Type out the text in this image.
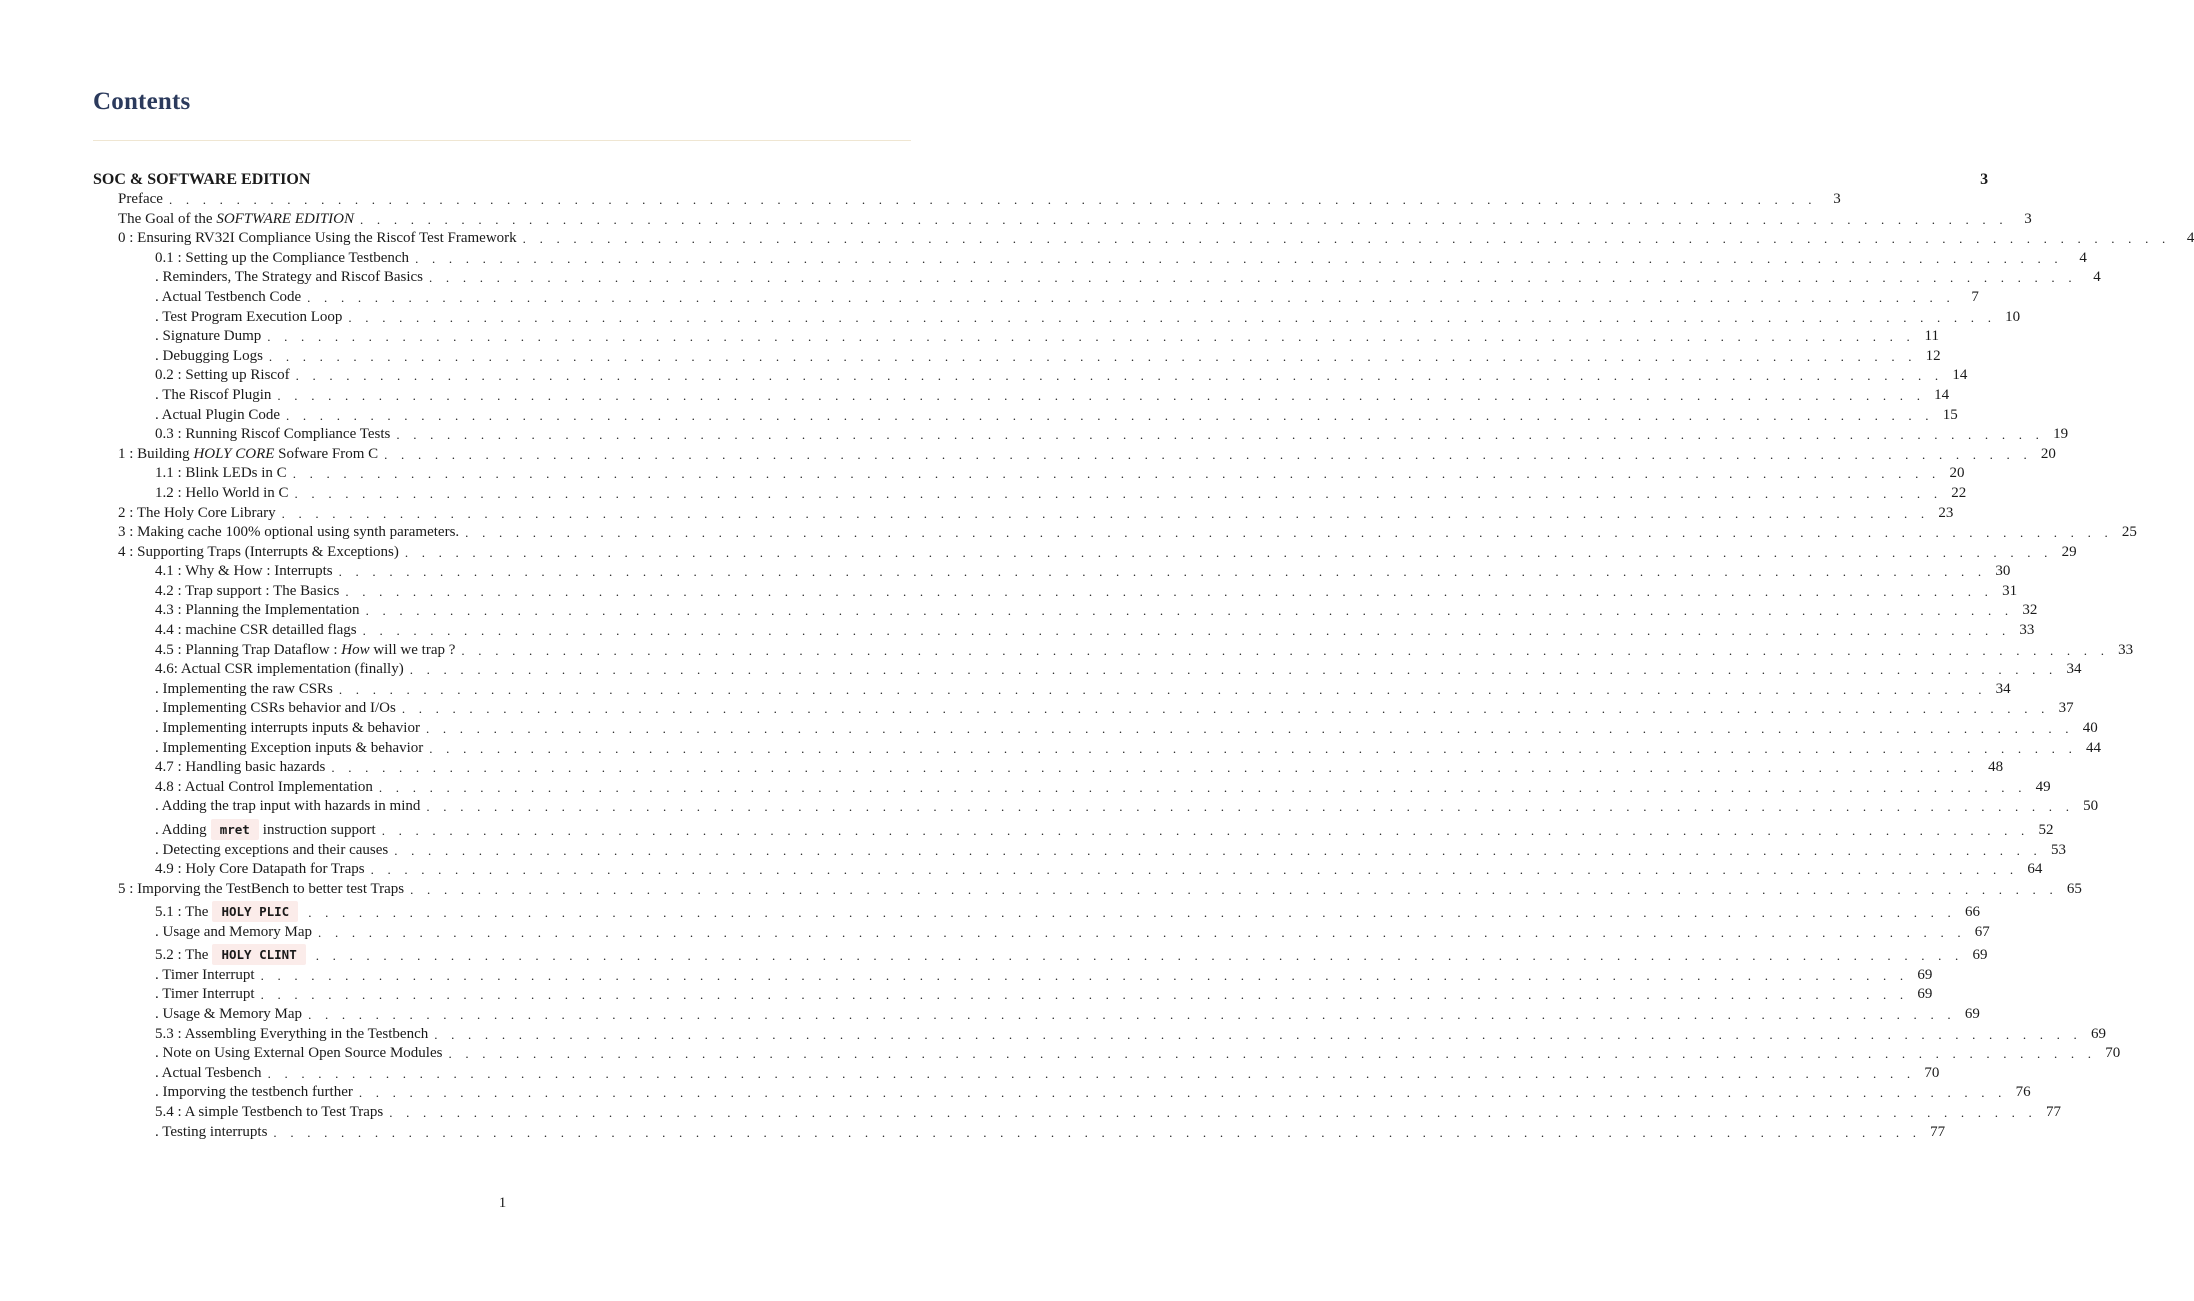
Contents
SOC & SOFTWARE EDITION	3
Preface . . . . . . . . . . . . . . . . . . . . . . . . . . . . . . . . . . . . . . . . . . . . . . . . . . . . . . . . . . . . . . . . . . . . . . . . . . . . . . . . . . . . . . . . . . . . . . . . . .	3
The Goal of the SOFTWARE EDITION . . . . . . . . . . . . . . . . . . . . . . . . . . . . . . . . . . . . . . . . . . . . . . . . . . . . . . . . . . . . . . . . . . . . . . . . . . . . . . . . . . . . . . . . . . . . . . . . . .	3
0 : Ensuring RV32I Compliance Using the Riscof Test Framework . . . . . . . . . . . . . . . . . . . . . . . . . . . . . . . . . . . . . . . . . . . . . . . . . . . . . . . . . . . . . . . . . . . . . . . . . . . . . . . . . . . . . . . . . . . . . . . . . .	4
0.1 : Setting up the Compliance Testbench . . . . . . . . . . . . . . . . . . . . . . . . . . . . . . . . . . . . . . . . . . . . . . . . . . . . . . . . . . . . . . . . . . . . . . . . . . . . . . . . . . . . . . . . . . . . . . . . . .	4
. Reminders, The Strategy and Riscof Basics . . . . . . . . . . . . . . . . . . . . . . . . . . . . . . . . . . . . . . . . . . . . . . . . . . . . . . . . . . . . . . . . . . . . . . . . . . . . . . . . . . . . . . . . . . . . . . . . . .	4
. Actual Testbench Code . . . . . . . . . . . . . . . . . . . . . . . . . . . . . . . . . . . . . . . . . . . . . . . . . . . . . . . . . . . . . . . . . . . . . . . . . . . . . . . . . . . . . . . . . . . . . . . . . .	7
. Test Program Execution Loop . . . . . . . . . . . . . . . . . . . . . . . . . . . . . . . . . . . . . . . . . . . . . . . . . . . . . . . . . . . . . . . . . . . . . . . . . . . . . . . . . . . . . . . . . . . . . . . . . . 10
. Signature Dump . . . . . . . . . . . . . . . . . . . . . . . . . . . . . . . . . . . . . . . . . . . . . . . . . . . . . . . . . . . . . . . . . . . . . . . . . . . . . . . . . . . . . . . . . . . . . . . . . . 11
. Debugging Logs . . . . . . . . . . . . . . . . . . . . . . . . . . . . . . . . . . . . . . . . . . . . . . . . . . . . . . . . . . . . . . . . . . . . . . . . . . . . . . . . . . . . . . . . . . . . . . . . . . 12
0.2 : Setting up Riscof . . . . . . . . . . . . . . . . . . . . . . . . . . . . . . . . . . . . . . . . . . . . . . . . . . . . . . . . . . . . . . . . . . . . . . . . . . . . . . . . . . . . . . . . . . . . . . . . . . 14
. The Riscof Plugin . . . . . . . . . . . . . . . . . . . . . . . . . . . . . . . . . . . . . . . . . . . . . . . . . . . . . . . . . . . . . . . . . . . . . . . . . . . . . . . . . . . . . . . . . . . . . . . . . . 14
. Actual Plugin Code . . . . . . . . . . . . . . . . . . . . . . . . . . . . . . . . . . . . . . . . . . . . . . . . . . . . . . . . . . . . . . . . . . . . . . . . . . . . . . . . . . . . . . . . . . . . . . . . . . 15
0.3 : Running Riscof Compliance Tests . . . . . . . . . . . . . . . . . . . . . . . . . . . . . . . . . . . . . . . . . . . . . . . . . . . . . . . . . . . . . . . . . . . . . . . . . . . . . . . . . . . . . . . . . . . . . . . . . . 19
1 : Building HOLY CORE Sofware From C . . . . . . . . . . . . . . . . . . . . . . . . . . . . . . . . . . . . . . . . . . . . . . . . . . . . . . . . . . . . . . . . . . . . . . . . . . . . . . . . . . . . . . . . . . . . . . . . . . 20
1.1 : Blink LEDs in C . . . . . . . . . . . . . . . . . . . . . . . . . . . . . . . . . . . . . . . . . . . . . . . . . . . . . . . . . . . . . . . . . . . . . . . . . . . . . . . . . . . . . . . . . . . . . . . . . . 20
1.2 : Hello World in C . . . . . . . . . . . . . . . . . . . . . . . . . . . . . . . . . . . . . . . . . . . . . . . . . . . . . . . . . . . . . . . . . . . . . . . . . . . . . . . . . . . . . . . . . . . . . . . . . . 22
2 : The Holy Core Library . . . . . . . . . . . . . . . . . . . . . . . . . . . . . . . . . . . . . . . . . . . . . . . . . . . . . . . . . . . . . . . . . . . . . . . . . . . . . . . . . . . . . . . . . . . . . . . . . . 23
3 : Making cache 100% optional using synth parameters. . . . . . . . . . . . . . . . . . . . . . . . . . . . . . . . . . . . . . . . . . . . . . . . . . . . . . . . . . . . . . . . . . . . . . . . . . . . . . . . . . . . . . . . . . . . . . . . . . . 25
4 : Supporting Traps (Interrupts & Exceptions) . . . . . . . . . . . . . . . . . . . . . . . . . . . . . . . . . . . . . . . . . . . . . . . . . . . . . . . . . . . . . . . . . . . . . . . . . . . . . . . . . . . . . . . . . . . . . . . . . . 29
4.1 : Why & How : Interrupts . . . . . . . . . . . . . . . . . . . . . . . . . . . . . . . . . . . . . . . . . . . . . . . . . . . . . . . . . . . . . . . . . . . . . . . . . . . . . . . . . . . . . . . . . . . . . . . . . . 30
4.2 : Trap support : The Basics . . . . . . . . . . . . . . . . . . . . . . . . . . . . . . . . . . . . . . . . . . . . . . . . . . . . . . . . . . . . . . . . . . . . . . . . . . . . . . . . . . . . . . . . . . . . . . . . . . 31
4.3 : Planning the Implementation . . . . . . . . . . . . . . . . . . . . . . . . . . . . . . . . . . . . . . . . . . . . . . . . . . . . . . . . . . . . . . . . . . . . . . . . . . . . . . . . . . . . . . . . . . . . . . . . . . 32
4.4 : machine CSR detailled flags . . . . . . . . . . . . . . . . . . . . . . . . . . . . . . . . . . . . . . . . . . . . . . . . . . . . . . . . . . . . . . . . . . . . . . . . . . . . . . . . . . . . . . . . . . . . . . . . . . 33
4.5 : Planning Trap Dataflow : How will we trap ? . . . . . . . . . . . . . . . . . . . . . . . . . . . . . . . . . . . . . . . . . . . . . . . . . . . . . . . . . . . . . . . . . . . . . . . . . . . . . . . . . . . . . . . . . . . . . . . . . . 33
4.6: Actual CSR implementation (finally) . . . . . . . . . . . . . . . . . . . . . . . . . . . . . . . . . . . . . . . . . . . . . . . . . . . . . . . . . . . . . . . . . . . . . . . . . . . . . . . . . . . . . . . . . . . . . . . . . . 34
. Implementing the raw CSRs . . . . . . . . . . . . . . . . . . . . . . . . . . . . . . . . . . . . . . . . . . . . . . . . . . . . . . . . . . . . . . . . . . . . . . . . . . . . . . . . . . . . . . . . . . . . . . . . . . 34
. Implementing CSRs behavior and I/Os . . . . . . . . . . . . . . . . . . . . . . . . . . . . . . . . . . . . . . . . . . . . . . . . . . . . . . . . . . . . . . . . . . . . . . . . . . . . . . . . . . . . . . . . . . . . . . . . . . 37
. Implementing interrupts inputs & behavior . . . . . . . . . . . . . . . . . . . . . . . . . . . . . . . . . . . . . . . . . . . . . . . . . . . . . . . . . . . . . . . . . . . . . . . . . . . . . . . . . . . . . . . . . . . . . . . . . . 40
. Implementing Exception inputs & behavior . . . . . . . . . . . . . . . . . . . . . . . . . . . . . . . . . . . . . . . . . . . . . . . . . . . . . . . . . . . . . . . . . . . . . . . . . . . . . . . . . . . . . . . . . . . . . . . . . . 44
4.7 : Handling basic hazards . . . . . . . . . . . . . . . . . . . . . . . . . . . . . . . . . . . . . . . . . . . . . . . . . . . . . . . . . . . . . . . . . . . . . . . . . . . . . . . . . . . . . . . . . . . . . . . . . . 48
4.8 : Actual Control Implementation . . . . . . . . . . . . . . . . . . . . . . . . . . . . . . . . . . . . . . . . . . . . . . . . . . . . . . . . . . . . . . . . . . . . . . . . . . . . . . . . . . . . . . . . . . . . . . . . . . 49
. Adding the trap input with hazards in mind . . . . . . . . . . . . . . . . . . . . . . . . . . . . . . . . . . . . . . . . . . . . . . . . . . . . . . . . . . . . . . . . . . . . . . . . . . . . . . . . . . . . . . . . . . . . . . . . . . 50
. Adding mret instruction support . . . . . . . . . . . . . . . . . . . . . . . . . . . . . . . . . . . . . . . . . . . . . . . . . . . . . . . . . . . . . . . . . . . . . . . . . . . . . . . . . . . . . . . . . . . . . . . . . . 52
. Detecting exceptions and their causes . . . . . . . . . . . . . . . . . . . . . . . . . . . . . . . . . . . . . . . . . . . . . . . . . . . . . . . . . . . . . . . . . . . . . . . . . . . . . . . . . . . . . . . . . . . . . . . . . . 53
4.9 : Holy Core Datapath for Traps . . . . . . . . . . . . . . . . . . . . . . . . . . . . . . . . . . . . . . . . . . . . . . . . . . . . . . . . . . . . . . . . . . . . . . . . . . . . . . . . . . . . . . . . . . . . . . . . . . 64
5 : Imporving the TestBench to better test Traps . . . . . . . . . . . . . . . . . . . . . . . . . . . . . . . . . . . . . . . . . . . . . . . . . . . . . . . . . . . . . . . . . . . . . . . . . . . . . . . . . . . . . . . . . . . . . . . . . . 65
5.1 : The HOLY PLIC	. . . . . . . . . . . . . . . . . . . . . . . . . . . . . . . . . . . . . . . . . . . . . . . . . . . . . . . . . . . . . . . . . . . . . . . . . . . . . . . . . . . . . . . . . . . . . . . . . . 66
. Usage and Memory Map . . . . . . . . . . . . . . . . . . . . . . . . . . . . . . . . . . . . . . . . . . . . . . . . . . . . . . . . . . . . . . . . . . . . . . . . . . . . . . . . . . . . . . . . . . . . . . . . . . 67
5.2 : The HOLY CLINT	. . . . . . . . . . . . . . . . . . . . . . . . . . . . . . . . . . . . . . . . . . . . . . . . . . . . . . . . . . . . . . . . . . . . . . . . . . . . . . . . . . . . . . . . . . . . . . . . . . 69
. Timer Interrupt . . . . . . . . . . . . . . . . . . . . . . . . . . . . . . . . . . . . . . . . . . . . . . . . . . . . . . . . . . . . . . . . . . . . . . . . . . . . . . . . . . . . . . . . . . . . . . . . . . 69
. Timer Interrupt . . . . . . . . . . . . . . . . . . . . . . . . . . . . . . . . . . . . . . . . . . . . . . . . . . . . . . . . . . . . . . . . . . . . . . . . . . . . . . . . . . . . . . . . . . . . . . . . . . 69
. Usage & Memory Map . . . . . . . . . . . . . . . . . . . . . . . . . . . . . . . . . . . . . . . . . . . . . . . . . . . . . . . . . . . . . . . . . . . . . . . . . . . . . . . . . . . . . . . . . . . . . . . . . . 69
5.3 : Assembling Everything in the Testbench . . . . . . . . . . . . . . . . . . . . . . . . . . . . . . . . . . . . . . . . . . . . . . . . . . . . . . . . . . . . . . . . . . . . . . . . . . . . . . . . . . . . . . . . . . . . . . . . . . 69
. Note on Using External Open Source Modules . . . . . . . . . . . . . . . . . . . . . . . . . . . . . . . . . . . . . . . . . . . . . . . . . . . . . . . . . . . . . . . . . . . . . . . . . . . . . . . . . . . . . . . . . . . . . . . . . . 70
. Actual Tesbench . . . . . . . . . . . . . . . . . . . . . . . . . . . . . . . . . . . . . . . . . . . . . . . . . . . . . . . . . . . . . . . . . . . . . . . . . . . . . . . . . . . . . . . . . . . . . . . . . . 70
. Imporving the testbench further . . . . . . . . . . . . . . . . . . . . . . . . . . . . . . . . . . . . . . . . . . . . . . . . . . . . . . . . . . . . . . . . . . . . . . . . . . . . . . . . . . . . . . . . . . . . . . . . . . 76
5.4 : A simple Testbench to Test Traps . . . . . . . . . . . . . . . . . . . . . . . . . . . . . . . . . . . . . . . . . . . . . . . . . . . . . . . . . . . . . . . . . . . . . . . . . . . . . . . . . . . . . . . . . . . . . . . . . . 77
. Testing interrupts . . . . . . . . . . . . . . . . . . . . . . . . . . . . . . . . . . . . . . . . . . . . . . . . . . . . . . . . . . . . . . . . . . . . . . . . . . . . . . . . . . . . . . . . . . . . . . . . . . 77
1
